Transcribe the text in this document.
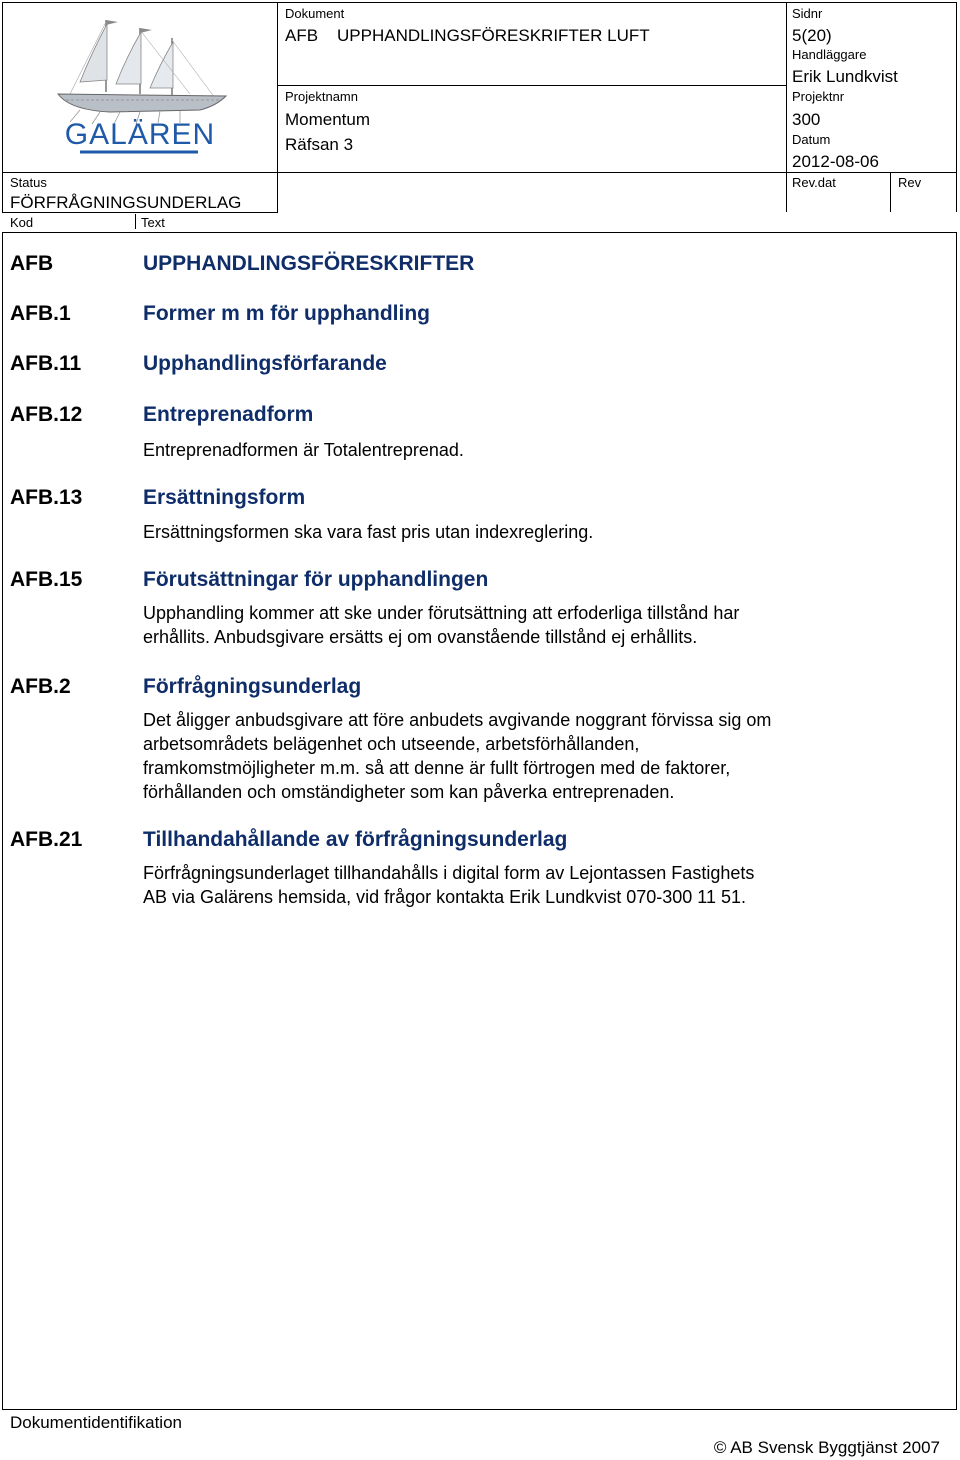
GALÄREN
Dokument
AFB UPPHANDLINGSFÖRESKRIFTER LUFT
Sidnr
5(20)
Handläggare
Erik Lundkvist
Projektnamn
Momentum
Räfsan 3
Projektnr
300
Datum
2012-08-06
Status
FÖRFRÅGNINGSUNDERLAG
Rev.dat	Rev
Kod	Text
AFB	UPPHANDLINGSFÖRESKRIFTER
AFB.1	Former m m för upphandling
AFB.11	Upphandlingsförfarande
AFB.12	Entreprenadform
Entreprenadformen är Totalentreprenad.
AFB.13	Ersättningsform
Ersättningsformen ska vara fast pris utan indexreglering.
AFB.15	Förutsättningar för upphandlingen
Upphandling kommer att ske under förutsättning att erfoderliga tillstånd har
erhållits. Anbudsgivare ersätts ej om ovanstående tillstånd ej erhållits.
AFB.2	Förfrågningsunderlag
Det åligger anbudsgivare att före anbudets avgivande noggrant förvissa sig om
arbetsområdets belägenhet och utseende, arbetsförhållanden,
framkomstmöjligheter m.m. så att denne är fullt förtrogen med de faktorer,
förhållanden och omständigheter som kan påverka entreprenaden.
AFB.21	Tillhandahållande av förfrågningsunderlag
Förfrågningsunderlaget tillhandahålls i digital form av Lejontassen Fastighets
AB via Galärens hemsida, vid frågor kontakta Erik Lundkvist 070-300 11 51.
Dokumentidentifikation
© AB Svensk Byggtjänst 2007
